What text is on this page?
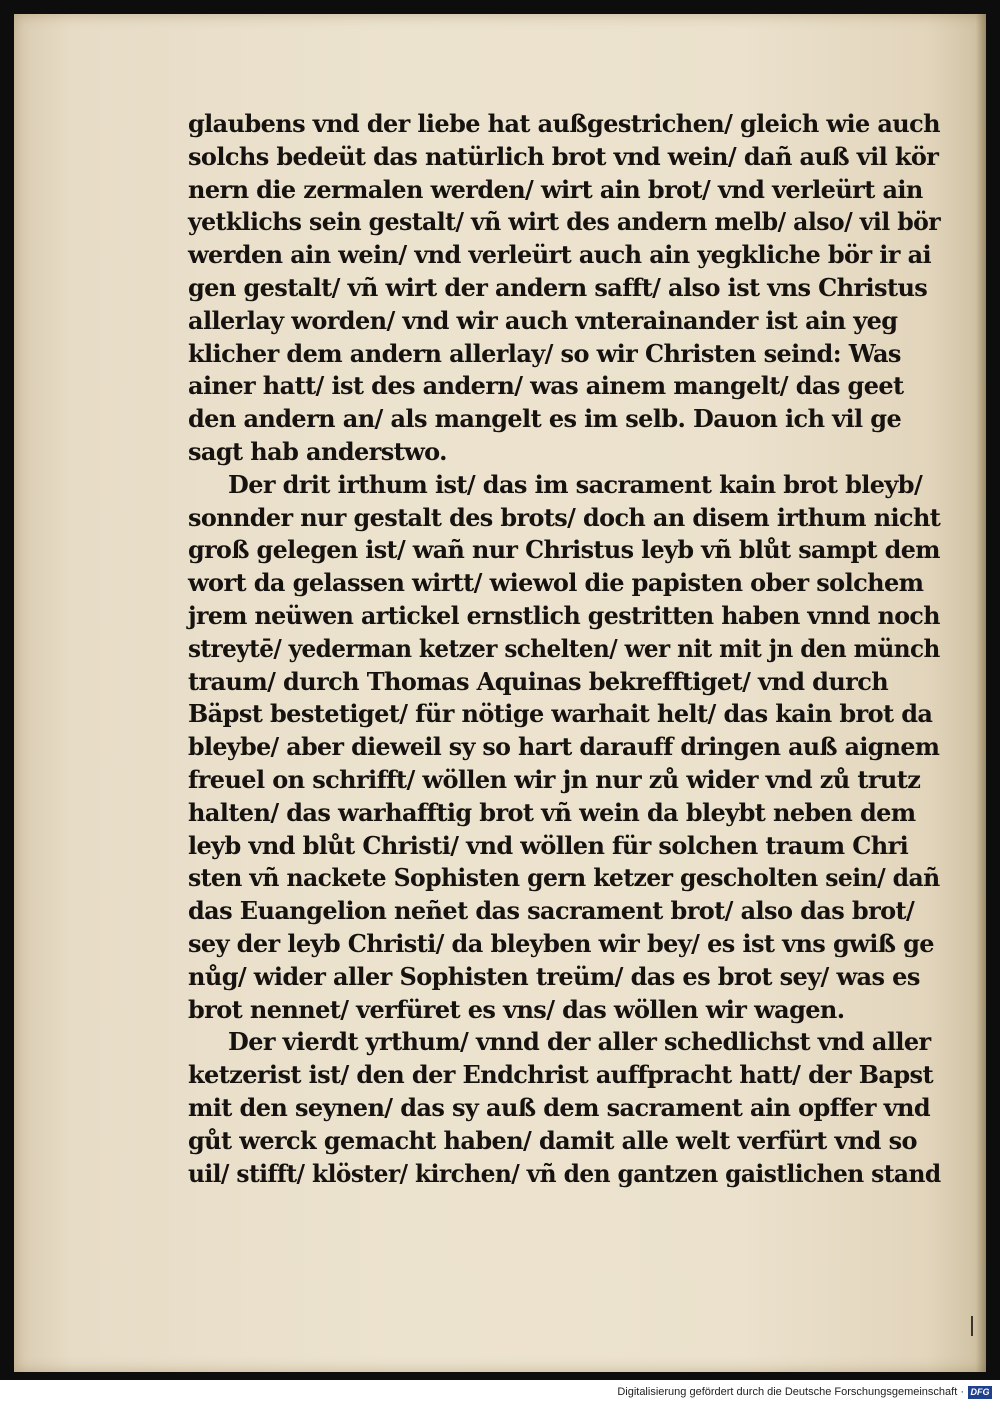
glaubens vnd der liebe hat außgestrichen/ gleich wie auch
solchs bedeüt das natürlich brot vnd wein/ dañ auß vil kör
nern die zermalen werden/ wirt ain brot/ vnd verleürt ain
yetklichs sein gestalt/ vñ wirt des andern melb/ also/ vil bör
werden ain wein/ vnd verleürt auch ain yegkliche bör ir ai
gen gestalt/ vñ wirt der andern safft/ also ist vns Christus
allerlay worden/ vnd wir auch vnterainander ist ain yeg
klicher dem andern allerlay/ so wir Christen seind: Was
ainer hatt/ ist des andern/ was ainem mangelt/ das geet
den andern an/ als mangelt es im selb. Dauon ich vil ge
sagt hab anderstwo.
Der drit irthum ist/ das im sacrament kain brot bleyb/
sonnder nur gestalt des brots/ doch an disem irthum nicht
groß gelegen ist/ wañ nur Christus leyb vñ blůt sampt dem
wort da gelassen wirtt/ wiewol die papisten ober solchem
jrem neüwen artickel ernstlich gestritten haben vnnd noch
streytē/ yederman ketzer schelten/ wer nit mit jn den münch
traum/ durch Thomas Aquinas bekrefftiget/ vnd durch
Bäpst bestetiget/ für nötige warhait helt/ das kain brot da
bleybe/ aber dieweil sy so hart darauff dringen auß aignem
freuel on schrifft/ wöllen wir jn nur zů wider vnd zů trutz
halten/ das warhafftig brot vñ wein da bleybt neben dem
leyb vnd blůt Christi/ vnd wöllen für solchen traum Chri
sten vñ nackete Sophisten gern ketzer gescholten sein/ dañ
das Euangelion neñet das sacrament brot/ also das brot/
sey der leyb Christi/ da bleyben wir bey/ es ist vns gwiß ge
nůg/ wider aller Sophisten treüm/ das es brot sey/ was es
brot nennet/ verfüret es vns/ das wöllen wir wagen.
Der vierdt yrthum/ vnnd der aller schedlichst vnd aller
ketzerist ist/ den der Endchrist auffpracht hatt/ der Bapst
mit den seynen/ das sy auß dem sacrament ain opffer vnd
gůt werck gemacht haben/ damit alle welt verfürt vnd so
uil/ stifft/ klöster/ kirchen/ vñ den gantzen gaistlichen stand
Digitalisierung gefördert durch die Deutsche Forschungsgemeinschaft · DFG
